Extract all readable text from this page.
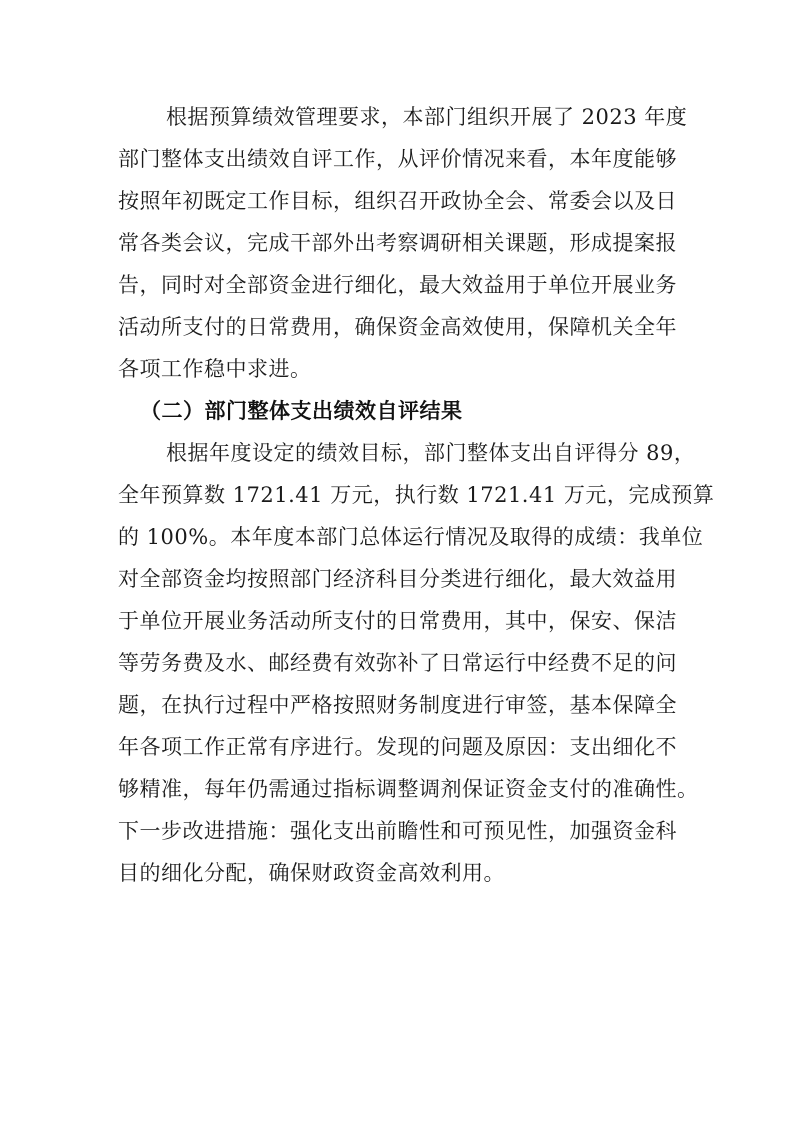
根据预算绩效管理要求，本部门组织开展了 2023 年度
部门整体支出绩效自评工作，从评价情况来看，本年度能够
按照年初既定工作目标，组织召开政协全会、常委会以及日
常各类会议，完成干部外出考察调研相关课题，形成提案报
告，同时对全部资金进行细化，最大效益用于单位开展业务
活动所支付的日常费用，确保资金高效使用，保障机关全年
各项工作稳中求进。
（二）部门整体支出绩效自评结果
根据年度设定的绩效目标，部门整体支出自评得分 89，
全年预算数 1721.41 万元，执行数 1721.41 万元，完成预算
的 100%。本年度本部门总体运行情况及取得的成绩：我单位
对全部资金均按照部门经济科目分类进行细化，最大效益用
于单位开展业务活动所支付的日常费用，其中，保安、保洁
等劳务费及水、邮经费有效弥补了日常运行中经费不足的问
题，在执行过程中严格按照财务制度进行审签，基本保障全
年各项工作正常有序进行。发现的问题及原因：支出细化不
够精准，每年仍需通过指标调整调剂保证资金支付的准确性。
下一步改进措施：强化支出前瞻性和可预见性，加强资金科
目的细化分配，确保财政资金高效利用。
